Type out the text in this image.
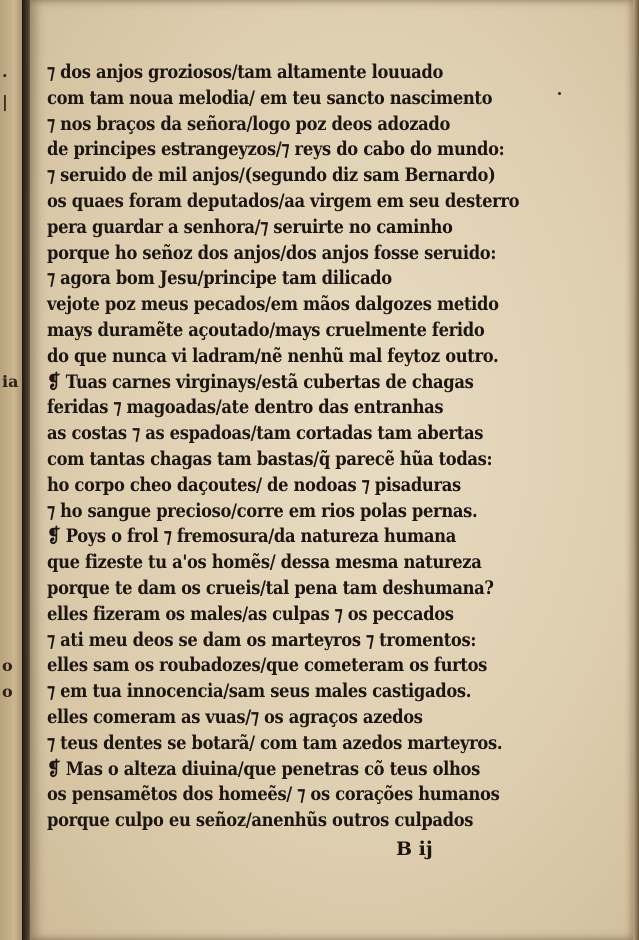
·
|
ia
o
o
⁊ dos anjos groziosos/tam altamente louuado
com tam noua melodia/ em teu sancto nascimento
⁊ nos braços da señora/logo poz deos adozado
de principes estrangeyzos/⁊ reys do cabo do mundo:
⁊ seruido de mil anjos/(segundo diz sam Bernardo)
os quaes foram deputados/aa virgem em seu desterro
pera guardar a senhora/⁊ seruirte no caminho
porque ho señoz dos anjos/dos anjos fosse seruido:
⁊ agora bom Jesu/principe tam dilicado
vejote poz meus pecados/em mãos dalgozes metido
mays duramẽte açoutado/mays cruelmente ferido
do que nunca vi ladram/nẽ nenhũ mal feytoz outro.
❡ Tuas carnes virginays/estã cubertas de chagas
feridas ⁊ magoadas/ate dentro das entranhas
as costas ⁊ as espadoas/tam cortadas tam abertas
com tantas chagas tam bastas/q̃ parecẽ hũa todas:
ho corpo cheo daçoutes/ de nodoas ⁊ pisaduras
⁊ ho sangue precioso/corre em rios polas pernas.
❡ Poys o frol ⁊ fremosura/da natureza humana
que fizeste tu a'os homẽs/ dessa mesma natureza
porque te dam os crueis/tal pena tam deshumana?
elles fizeram os males/as culpas ⁊ os peccados
⁊ ati meu deos se dam os marteyros ⁊ tromentos:
elles sam os roubadozes/que cometeram os furtos
⁊ em tua innocencia/sam seus males castigados.
elles comeram as vuas/⁊ os agraços azedos
⁊ teus dentes se botarã/ com tam azedos marteyros.
❡ Mas o alteza diuina/que penetras cõ teus olhos
os pensamẽtos dos homeẽs/ ⁊ os corações humanos
porque culpo eu señoz/anenhũs outros culpados
B ij
